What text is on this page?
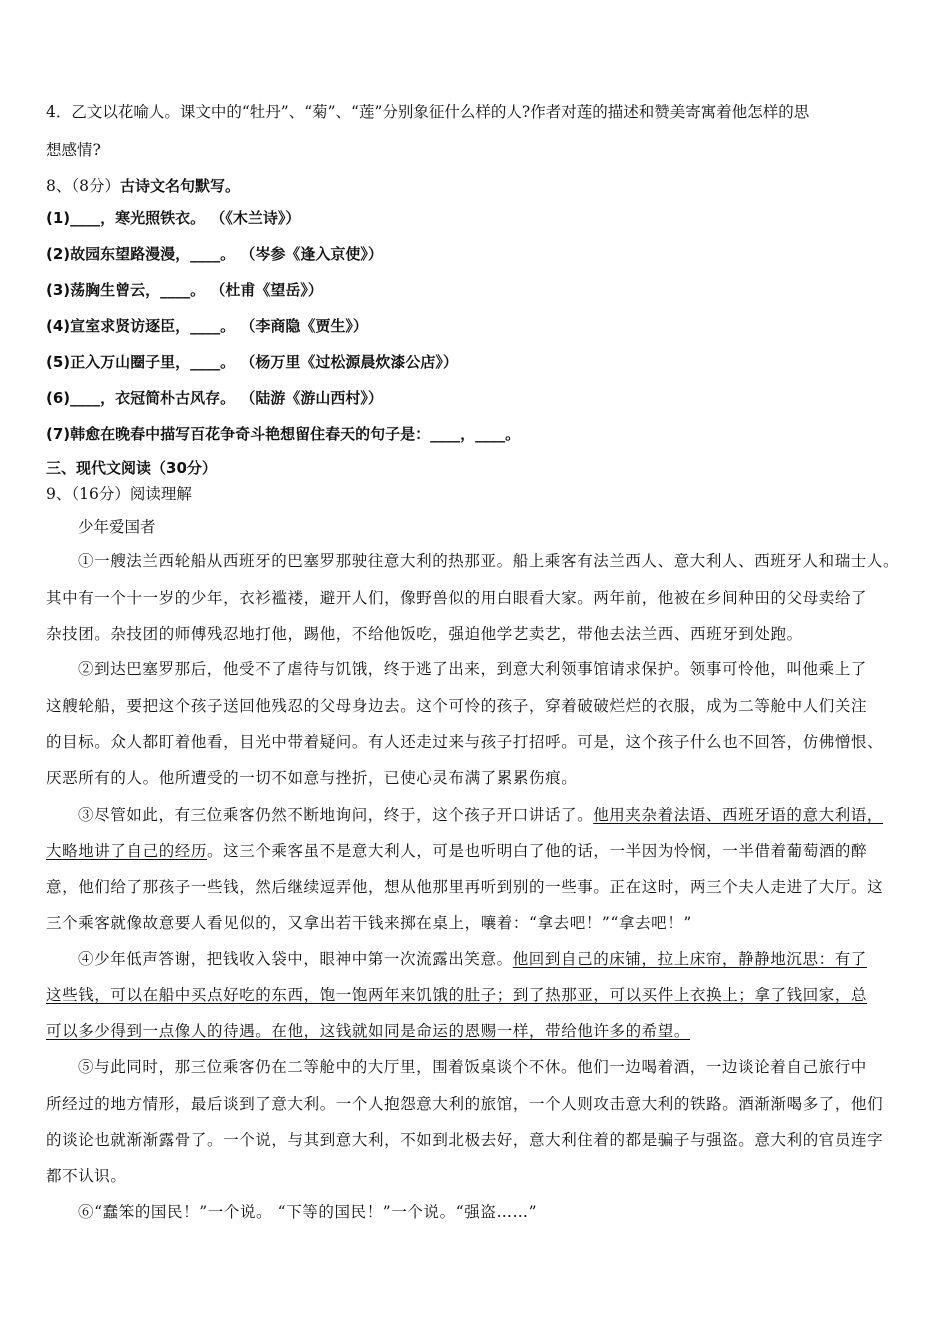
4．乙文以花喻人。课文中的“牡丹”、“菊”、“莲”分别象征什么样的人?作者对莲的描述和赞美寄寓着他怎样的思
想感情?
8、（8分）古诗文名句默写。
(1)____，寒光照铁衣。 （《木兰诗》）
(2)故园东望路漫漫，____。 （岑参《逢入京使》）
(3)荡胸生曾云，____。 （杜甫《望岳》）
(4)宣室求贤访逐臣，____。 （李商隐《贾生》）
(5)正入万山圈子里，____。 （杨万里《过松源晨炊漆公店》）
(6)____，衣冠简朴古风存。 （陆游《游山西村》）
(7)韩愈在晚春中描写百花争奇斗艳想留住春天的句子是：____，____。
三、现代文阅读（30分）
9、（16分）阅读理解
少年爱国者
①一艘法兰西轮船从西班牙的巴塞罗那驶往意大利的热那亚。船上乘客有法兰西人、意大利人、西班牙人和瑞士人。
其中有一个十一岁的少年，衣衫褴褛，避开人们，像野兽似的用白眼看大家。两年前，他被在乡间种田的父母卖给了
杂技团。杂技团的师傅残忍地打他，踢他，不给他饭吃，强迫他学艺卖艺，带他去法兰西、西班牙到处跑。
②到达巴塞罗那后，他受不了虐待与饥饿，终于逃了出来，到意大利领事馆请求保护。领事可怜他，叫他乘上了
这艘轮船，要把这个孩子送回他残忍的父母身边去。这个可怜的孩子，穿着破破烂烂的衣服，成为二等舱中人们关注
的目标。众人都盯着他看，目光中带着疑问。有人还走过来与孩子打招呼。可是，这个孩子什么也不回答，仿佛憎恨、
厌恶所有的人。他所遭受的一切不如意与挫折，已使心灵布满了累累伤痕。
③尽管如此，有三位乘客仍然不断地询问，终于，这个孩子开口讲话了。他用夹杂着法语、西班牙语的意大利语，
大略地讲了自己的经历。这三个乘客虽不是意大利人，可是也听明白了他的话，一半因为怜悯，一半借着葡萄酒的醉
意，他们给了那孩子一些钱，然后继续逗弄他，想从他那里再听到别的一些事。正在这时，两三个夫人走进了大厅。这
三个乘客就像故意要人看见似的，又拿出若干钱来掷在桌上，嚷着：“拿去吧！”“拿去吧！”
④少年低声答谢，把钱收入袋中，眼神中第一次流露出笑意。他回到自己的床铺，拉上床帘，静静地沉思：有了
这些钱，可以在船中买点好吃的东西，饱一饱两年来饥饿的肚子；到了热那亚，可以买件上衣换上；拿了钱回家，总
可以多少得到一点像人的待遇。在他，这钱就如同是命运的恩赐一样，带给他许多的希望。
⑤与此同时，那三位乘客仍在二等舱中的大厅里，围着饭桌谈个不休。他们一边喝着酒，一边谈论着自己旅行中
所经过的地方情形，最后谈到了意大利。一个人抱怨意大利的旅馆，一个人则攻击意大利的铁路。酒渐渐喝多了，他们
的谈论也就渐渐露骨了。一个说，与其到意大利，不如到北极去好，意大利住着的都是骗子与强盗。意大利的官员连字
都不认识。
⑥“蠢笨的国民！”一个说。 “下等的国民！”一个说。“强盗……”
